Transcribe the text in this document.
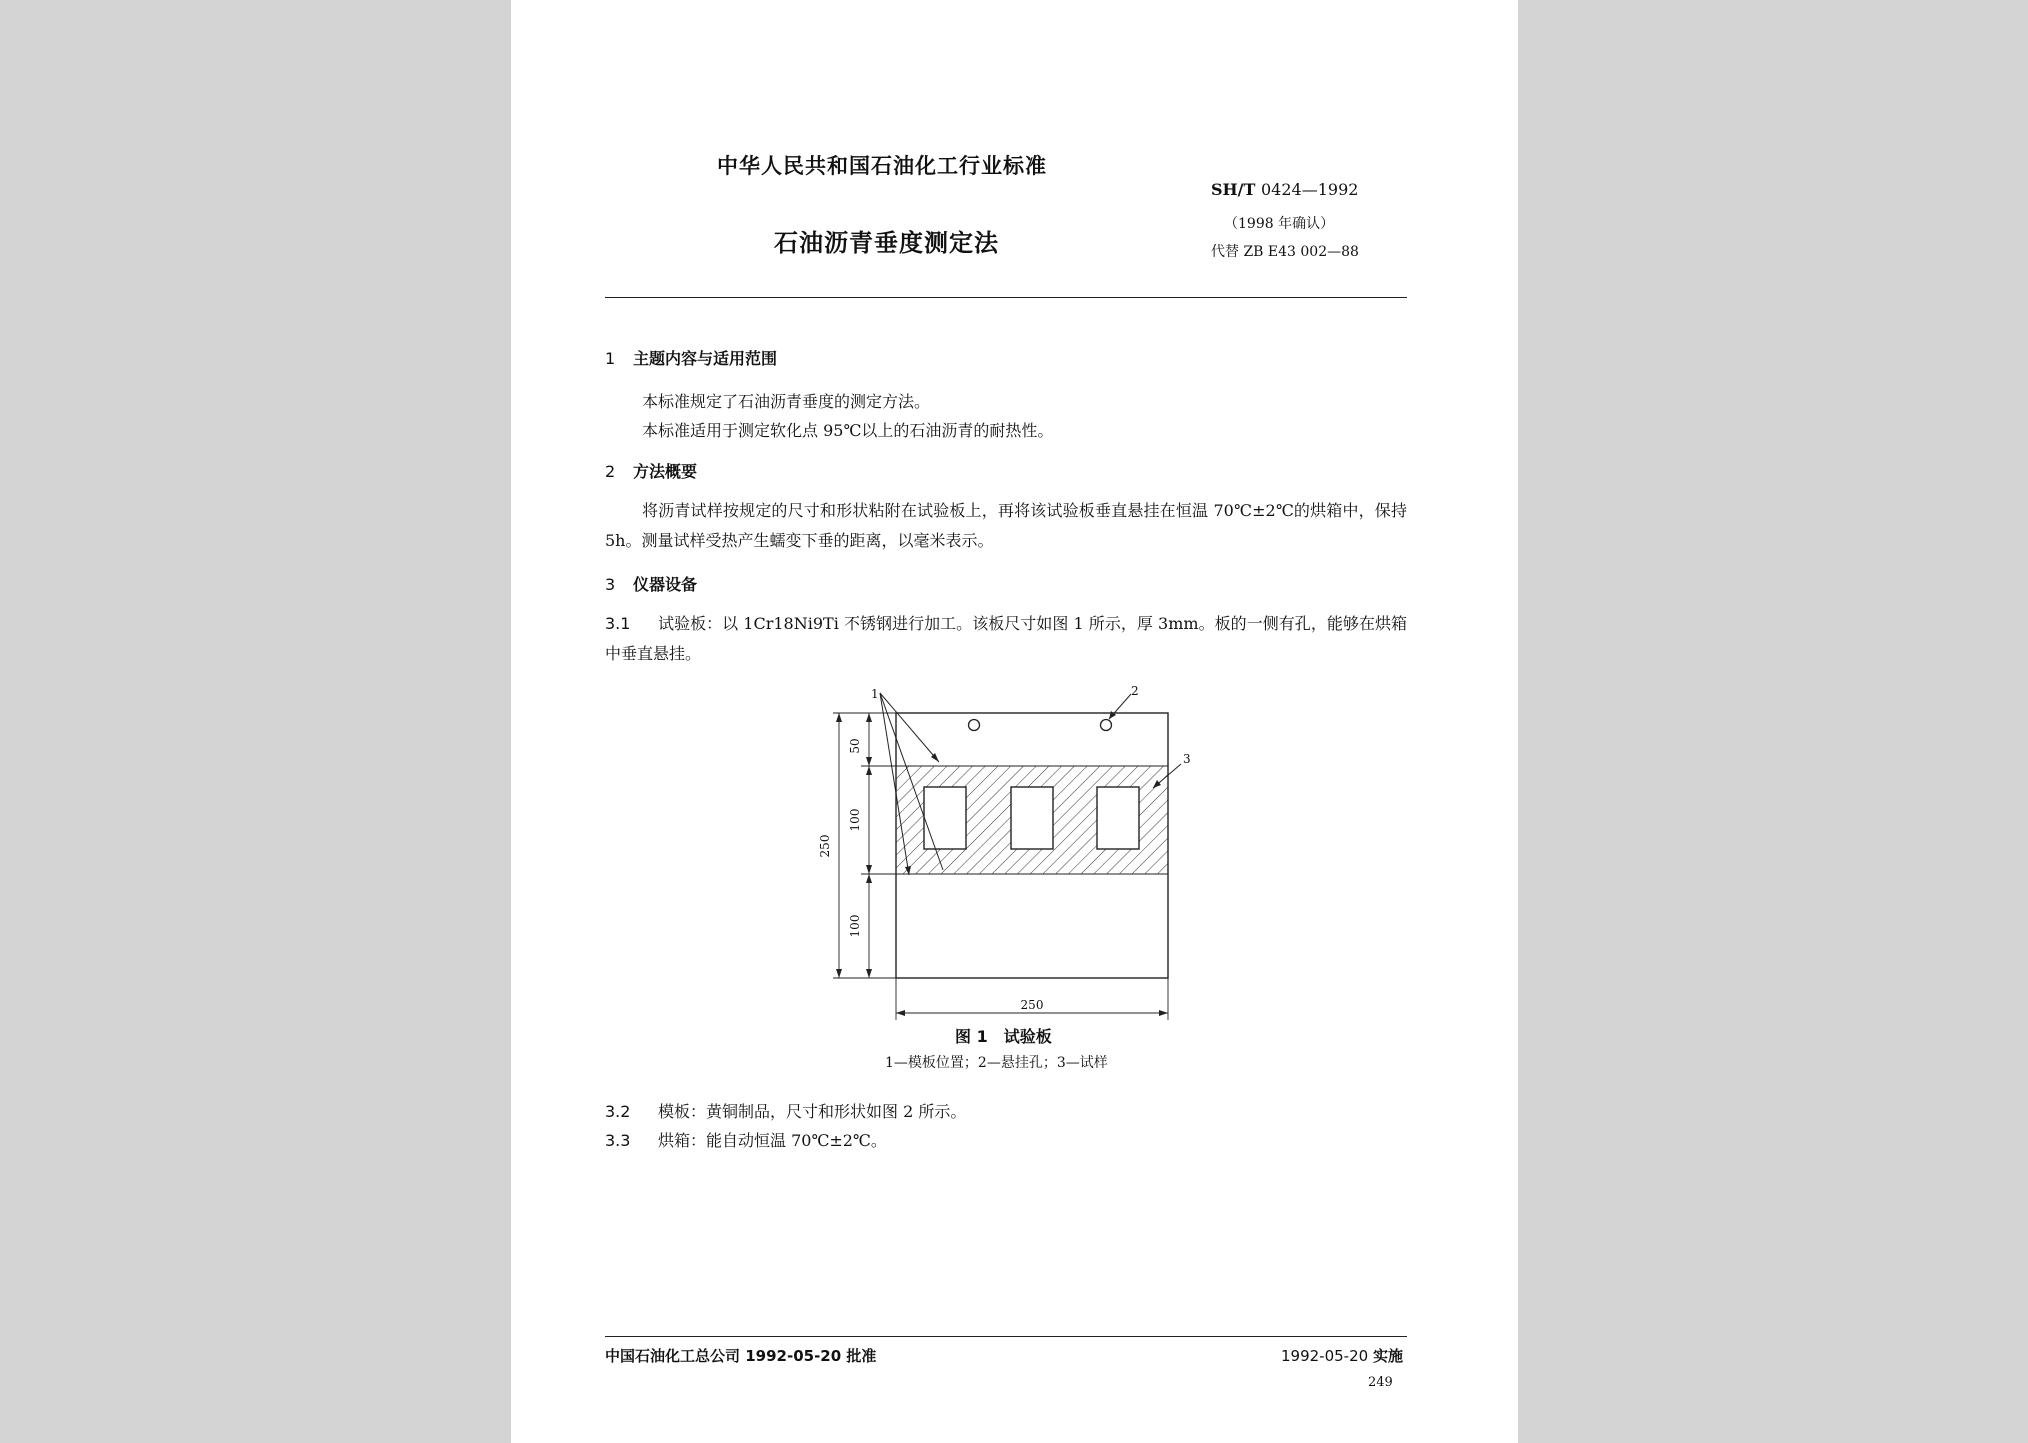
中华人民共和国石油化工行业标准
SH/T 0424—1992
（1998 年确认）
石油沥青垂度测定法	代替 ZB E43 002—88
1 主题内容与适用范围
本标准规定了石油沥青垂度的测定方法。
本标准适用于测定软化点 95℃以上的石油沥青的耐热性。
2 方法概要
将沥青试样按规定的尺寸和形状粘附在试验板上，再将该试验板垂直悬挂在恒温 70℃±2℃的烘箱中，保持 5h。测量试样受热产生蠕变下垂的距离，以毫米表示。
3 仪器设备
3.1 试验板：以 1Cr18Ni9Ti 不锈钢进行加工。该板尺寸如图 1 所示，厚 3mm。板的一侧有孔，能够在烘箱中垂直悬挂。
50
100
100
250
250
1	2
3
图 1　试验板
1—模板位置；2—悬挂孔；3—试样
3.2 模板：黄铜制品，尺寸和形状如图 2 所示。
3.3 烘箱：能自动恒温 70℃±2℃。
中国石油化工总公司 1992-05-20 批准	1992-05-20 实施
249
